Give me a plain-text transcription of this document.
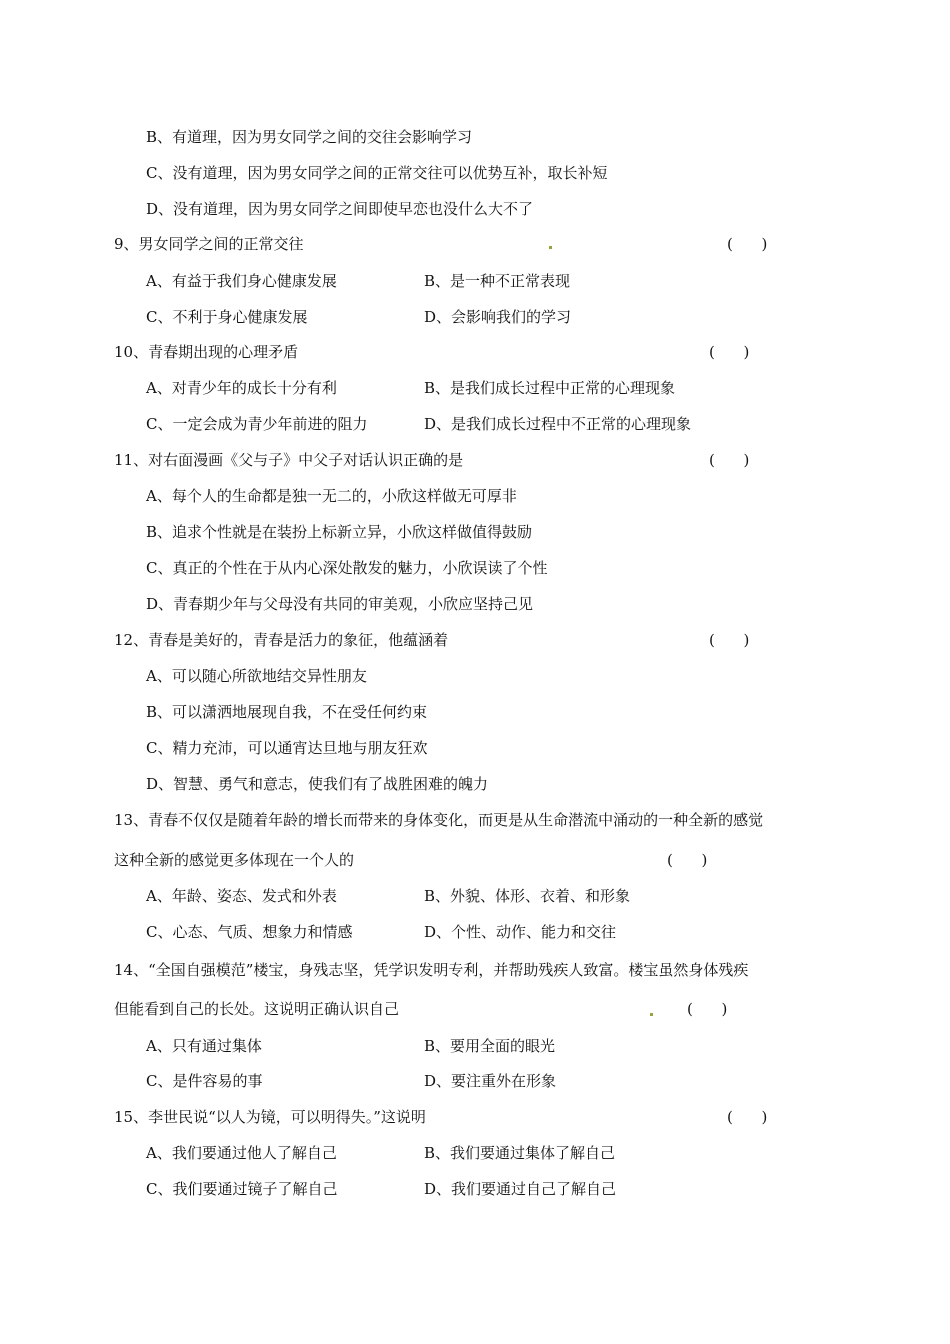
B、有道理，因为男女同学之间的交往会影响学习
C、没有道理，因为男女同学之间的正常交往可以优势互补，取长补短
D、没有道理，因为男女同学之间即使早恋也没什么大不了
9、男女同学之间的正常交往	(      )
A、有益于我们身心健康发展	B、是一种不正常表现
C、不利于身心健康发展	D、会影响我们的学习
10、青春期出现的心理矛盾	(      )
A、对青少年的成长十分有利	B、是我们成长过程中正常的心理现象
C、一定会成为青少年前进的阻力	D、是我们成长过程中不正常的心理现象
11、对右面漫画《父与子》中父子对话认识正确的是	(      )
A、每个人的生命都是独一无二的，小欣这样做无可厚非
B、追求个性就是在装扮上标新立异，小欣这样做值得鼓励
C、真正的个性在于从内心深处散发的魅力，小欣误读了个性
D、青春期少年与父母没有共同的审美观，小欣应坚持己见
12、青春是美好的，青春是活力的象征，他蕴涵着	(      )
A、可以随心所欲地结交异性朋友
B、可以潇洒地展现自我，不在受任何约束
C、精力充沛，可以通宵达旦地与朋友狂欢
D、智慧、勇气和意志，使我们有了战胜困难的魄力
13、青春不仅仅是随着年龄的增长而带来的身体变化，而更是从生命潜流中涌动的一种全新的感觉
这种全新的感觉更多体现在一个人的	(      )
A、年龄、姿态、发式和外表	B、外貌、体形、衣着、和形象
C、心态、气质、想象力和情感	D、个性、动作、能力和交往
14、“全国自强模范”楼宝，身残志坚，凭学识发明专利，并帮助残疾人致富。楼宝虽然身体残疾
但能看到自己的长处。这说明正确认识自己	(      )
A、只有通过集体	B、要用全面的眼光
C、是件容易的事	D、要注重外在形象
15、李世民说“以人为镜，可以明得失。”这说明	(      )
A、我们要通过他人了解自己	B、我们要通过集体了解自己
C、我们要通过镜子了解自己	D、我们要通过自己了解自己
